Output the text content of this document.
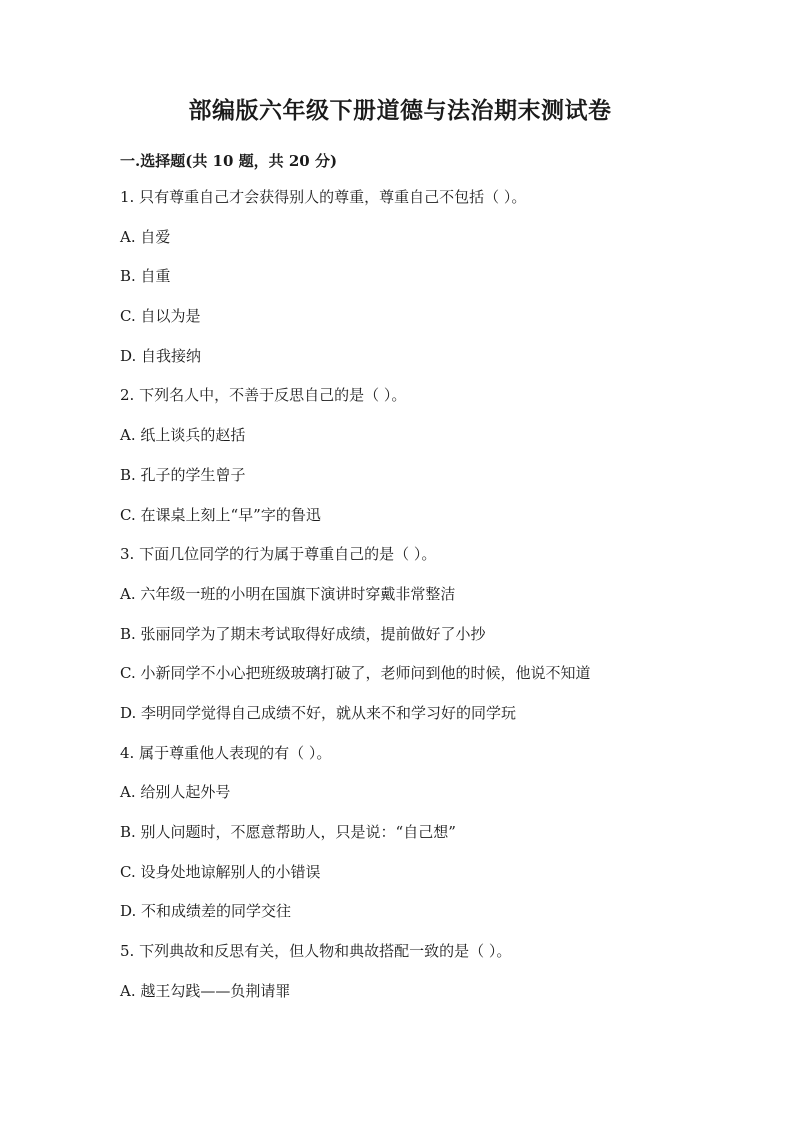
部编版六年级下册道德与法治期末测试卷
一.选择题(共 10 题，共 20 分)
1. 只有尊重自己才会获得别人的尊重，尊重自己不包括（ ）。
A. 自爱
B. 自重
C. 自以为是
D. 自我接纳
2. 下列名人中，不善于反思自己的是（ ）。
A. 纸上谈兵的赵括
B. 孔子的学生曾子
C. 在课桌上刻上“早”字的鲁迅
3. 下面几位同学的行为属于尊重自己的是（ ）。
A. 六年级一班的小明在国旗下演讲时穿戴非常整洁
B. 张丽同学为了期末考试取得好成绩，提前做好了小抄
C. 小新同学不小心把班级玻璃打破了，老师问到他的时候，他说不知道
D. 李明同学觉得自己成绩不好，就从来不和学习好的同学玩
4. 属于尊重他人表现的有（ ）。
A. 给别人起外号
B. 别人问题时，不愿意帮助人，只是说：“自己想”
C. 设身处地谅解别人的小错误
D. 不和成绩差的同学交往
5. 下列典故和反思有关，但人物和典故搭配一致的是（ ）。
A. 越王勾践——负荆请罪
